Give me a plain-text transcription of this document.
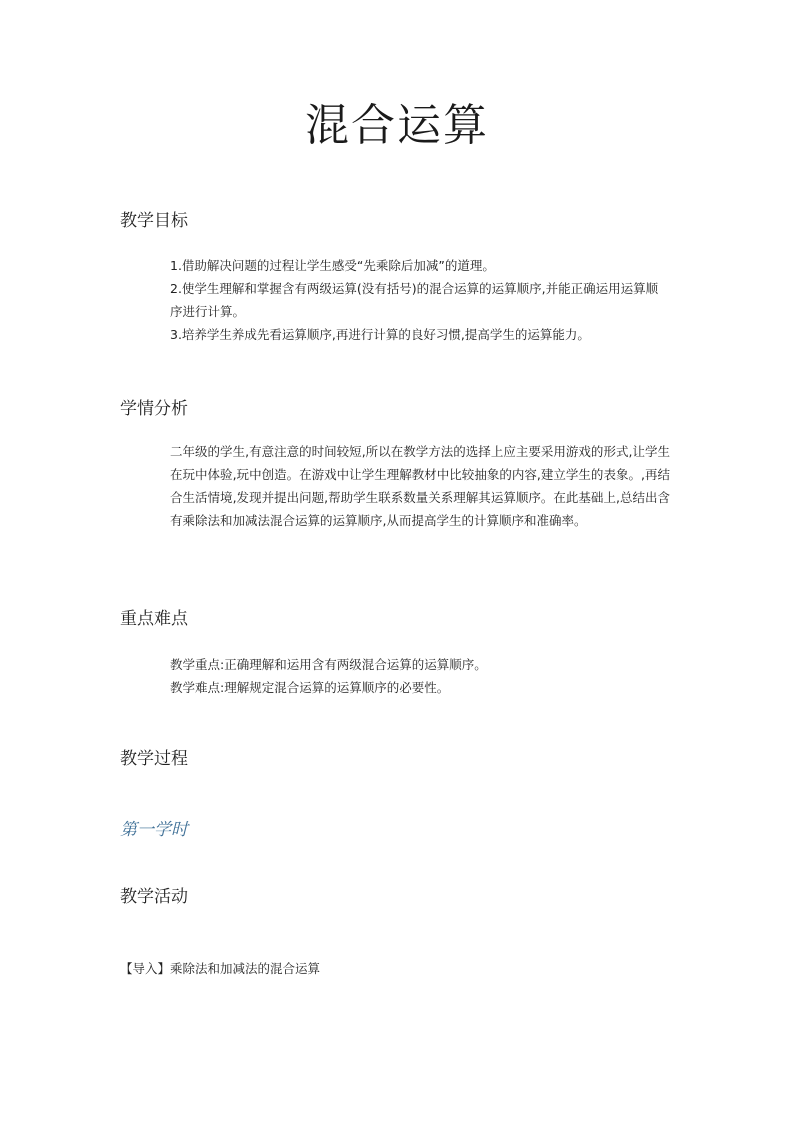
混合运算
教学目标

1.借助解决问题的过程让学生感受“先乘除后加减”的道理。

2.使学生理解和掌握含有两级运算(没有括号)的混合运算的运算顺序,并能正确运用运算顺序进行计算。

3.培养学生养成先看运算顺序,再进行计算的良好习惯,提高学生的运算能力。

学情分析
二年级的学生,有意注意的时间较短,所以在教学方法的选择上应主要采用游戏的形式,让学生在玩中体验,玩中创造。在游戏中让学生理解教材中比较抽象的内容,建立学生的表象。,再结合生活情境,发现并提出问题,帮助学生联系数量关系理解其运算顺序。在此基础上,总结出含有乘除法和加减法混合运算的运算顺序,从而提高学生的计算顺序和准确率。
重点难点

教学重点:正确理解和运用含有两级混合运算的运算顺序。

教学难点:理解规定混合运算的运算顺序的必要性。

教学过程
第一学时
教学活动
【导入】乘除法和加减法的混合运算
